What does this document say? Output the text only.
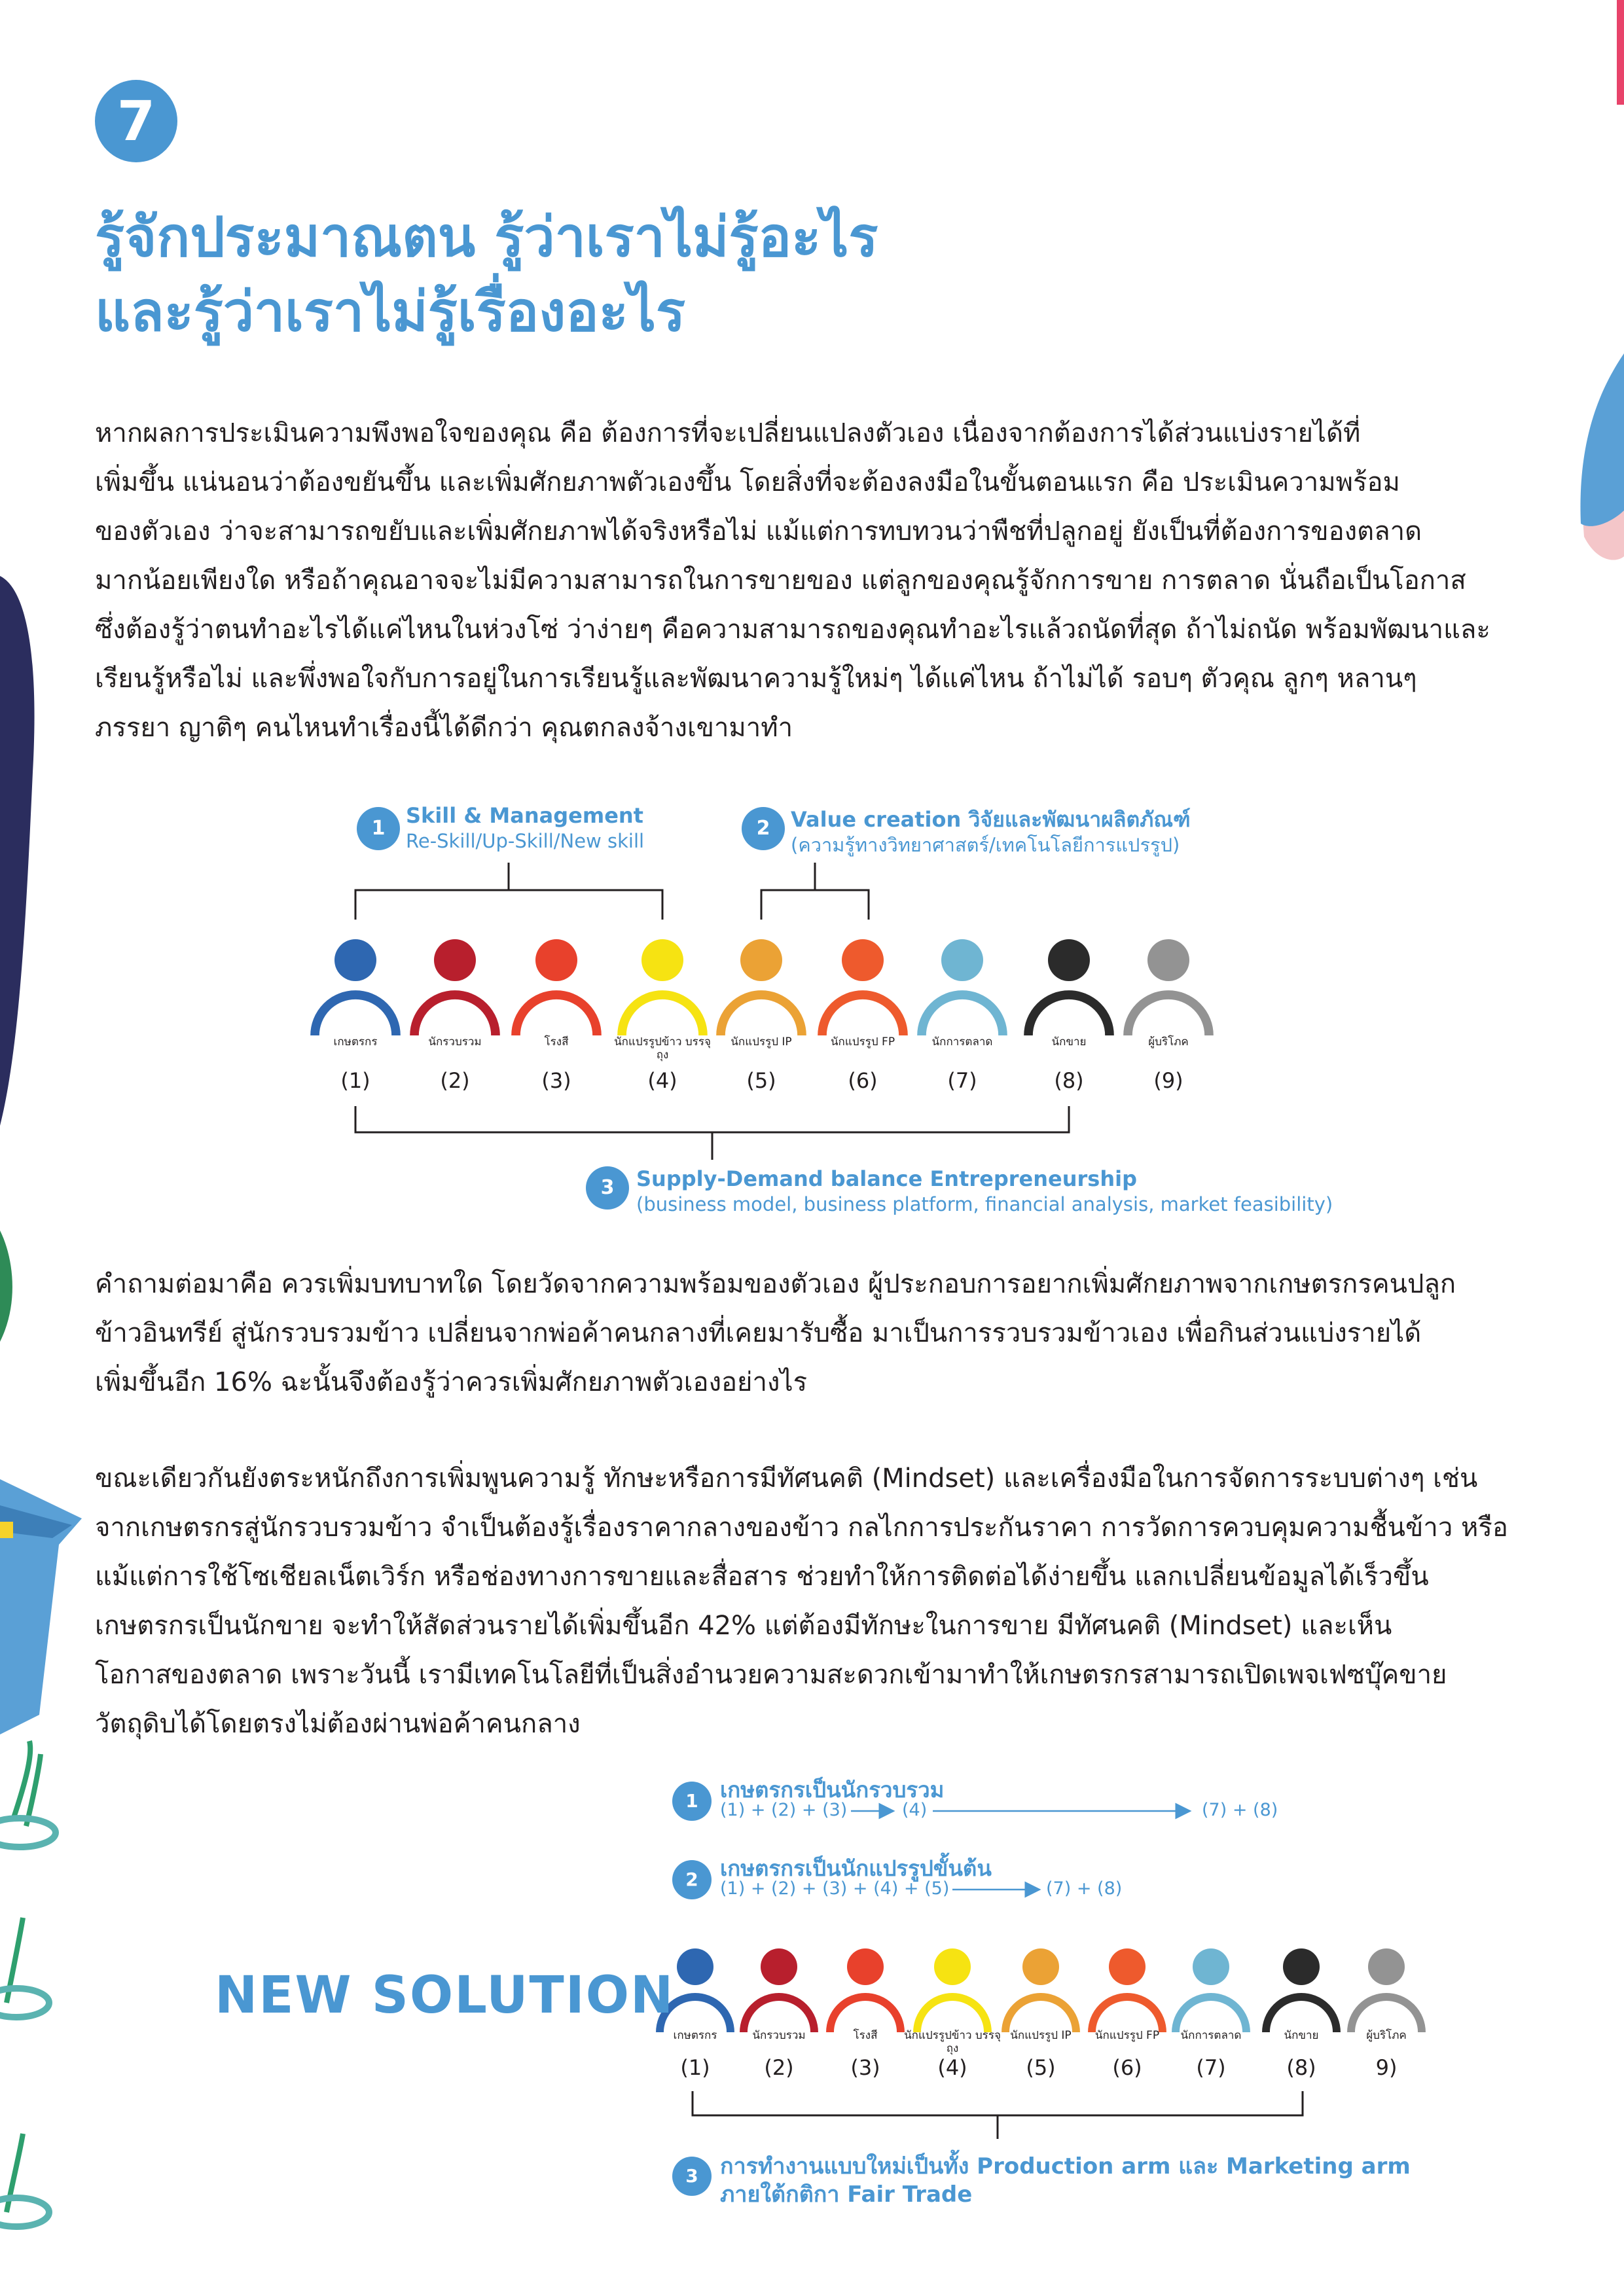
7
รู้จักประมาณตน รู้ว่าเราไม่รู้อะไร
และรู้ว่าเราไม่รู้เรื่องอะไร
หากผลการประเมินความพึงพอใจของคุณ คือ ต้องการที่จะเปลี่ยนแปลงตัวเอง เนื่องจากต้องการได้ส่วนแบ่งรายได้ที่
เพิ่มขึ้น แน่นอนว่าต้องขยันขึ้น และเพิ่มศักยภาพตัวเองขึ้น โดยสิ่งที่จะต้องลงมือในขั้นตอนแรก คือ ประเมินความพร้อม
ของตัวเอง ว่าจะสามารถขยับและเพิ่มศักยภาพได้จริงหรือไม่ แม้แต่การทบทวนว่าพืชที่ปลูกอยู่ ยังเป็นที่ต้องการของตลาด
มากน้อยเพียงใด หรือถ้าคุณอาจจะไม่มีความสามารถในการขายของ แต่ลูกของคุณรู้จักการขาย การตลาด นั่นถือเป็นโอกาส
ซึ่งต้องรู้ว่าตนทำอะไรได้แค่ไหนในห่วงโซ่ ว่าง่ายๆ คือความสามารถของคุณทำอะไรแล้วถนัดที่สุด ถ้าไม่ถนัด พร้อมพัฒนาและ
เรียนรู้หรือไม่ และพึ่งพอใจกับการอยู่ในการเรียนรู้และพัฒนาความรู้ใหม่ๆ ได้แค่ไหน ถ้าไม่ได้ รอบๆ ตัวคุณ ลูกๆ หลานๆ
ภรรยา ญาติๆ คนไหนทำเรื่องนี้ได้ดีกว่า คุณตกลงจ้างเขามาทำ
1
Skill & Management
Re-Skill/Up-Skill/New skill
2 Value creation วิจัยและพัฒนาผลิตภัณฑ์
(ความรู้ทางวิทยาศาสตร์/เทคโนโลยีการแปรรูป)
3	Supply-Demand balance Entrepreneurship
(business model, business platform, financial analysis, market feasibility)
เกษตรกร
(1)
นักรวบรวม
(2)
โรงสี
(3)
นักแปรรูปข้าว บรรจุถุง
(4)
นักแปรรูป IP
(5)
นักแปรรูป FP
(6)
นักการตลาด
(7)
นักขาย
(8)
ผู้บริโภค
(9)
คำถามต่อมาคือ ควรเพิ่มบทบาทใด โดยวัดจากความพร้อมของตัวเอง ผู้ประกอบการอยากเพิ่มศักยภาพจากเกษตรกรคนปลูก
ข้าวอินทรีย์ สู่นักรวบรวมข้าว เปลี่ยนจากพ่อค้าคนกลางที่เคยมารับซื้อ มาเป็นการรวบรวมข้าวเอง เพื่อกินส่วนแบ่งรายได้
เพิ่มขึ้นอีก 16% ฉะนั้นจึงต้องรู้ว่าควรเพิ่มศักยภาพตัวเองอย่างไร
ขณะเดียวกันยังตระหนักถึงการเพิ่มพูนความรู้ ทักษะหรือการมีทัศนคติ (Mindset) และเครื่องมือในการจัดการระบบต่างๆ เช่น
จากเกษตรกรสู่นักรวบรวมข้าว จำเป็นต้องรู้เรื่องราคากลางของข้าว กลไกการประกันราคา การวัดการควบคุมความชื้นข้าว หรือ
แม้แต่การใช้โซเชียลเน็ตเวิร์ก หรือช่องทางการขายและสื่อสาร ช่วยทำให้การติดต่อได้ง่ายขึ้น แลกเปลี่ยนข้อมูลได้เร็วขึ้น
เกษตรกรเป็นนักขาย จะทำให้สัดส่วนรายได้เพิ่มขึ้นอีก 42% แต่ต้องมีทักษะในการขาย มีทัศนคติ (Mindset) และเห็น
โอกาสของตลาด เพราะวันนี้ เรามีเทคโนโลยีที่เป็นสิ่งอำนวยความสะดวกเข้ามาทำให้เกษตรกรสามารถเปิดเพจเฟซบุ๊คขาย
วัตถุดิบได้โดยตรงไม่ต้องผ่านพ่อค้าคนกลาง
1	เกษตรกรเป็นนักรวบรวม
(1) + (2) + (3)	(4)	(7) + (8)
2	เกษตรกรเป็นนักแปรรูปขั้นต้น
(1) + (2) + (3) + (4) + (5)	(7) + (8)
NEW SOLUTION
เกษตรกร
(1)
นักรวบรวม
(2)
โรงสี
(3)
นักแปรรูปข้าว บรรจุถุง
(4)
นักแปรรูป IP
(5)
นักแปรรูป FP
(6)
นักการตลาด
(7)
นักขาย
(8)
ผู้บริโภค
9)
3 การทำงานแบบใหม่เป็นทั้ง Production arm และ Marketing arm
ภายใต้กติกา Fair Trade
